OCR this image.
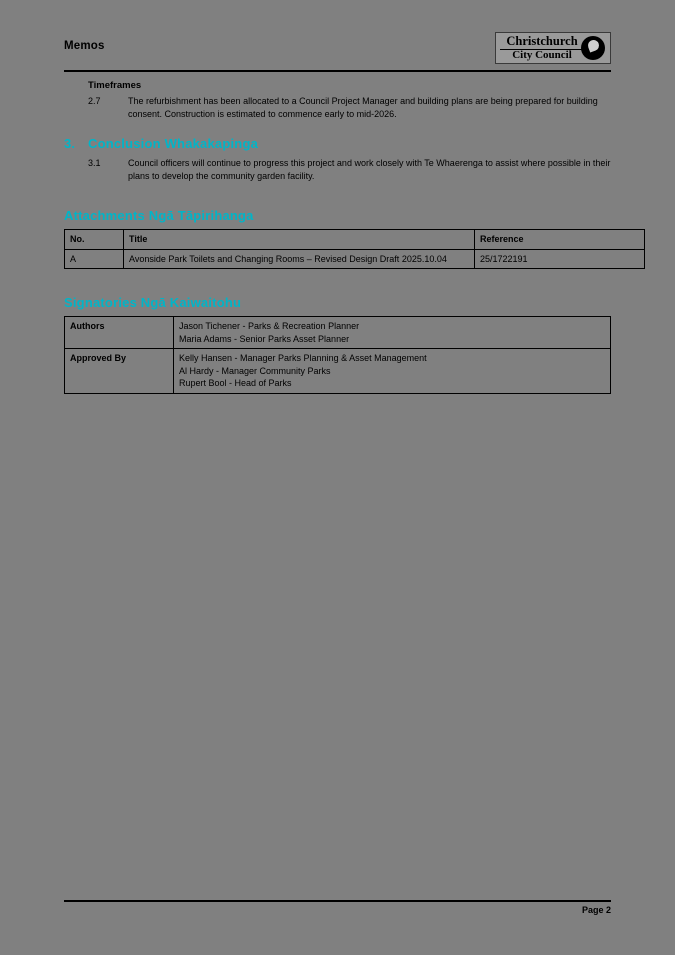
Memos	Christchurch
City Council
Timeframes
2.7	The refurbishment has been allocated to a Council Project Manager and building plans are being prepared for building consent. Construction is estimated to commence early to mid-2026.
3. Conclusion Whakakapinga
3.1	Council officers will continue to progress this project and work closely with Te Whaerenga to assist where possible in their plans to develop the community garden facility.
Attachments Ngā Tāpirihanga
No.	Title	Reference
A	Avonside Park Toilets and Changing Rooms – Revised Design Draft 2025.10.04	25/1722191
Signatories Ngā Kaiwaitohu
Authors	Jason Tichener - Parks & Recreation Planner
Maria Adams - Senior Parks Asset Planner

Approved By	Kelly Hansen - Manager Parks Planning & Asset Management
Al Hardy - Manager Community Parks
Rupert Bool - Head of Parks
Page 2
